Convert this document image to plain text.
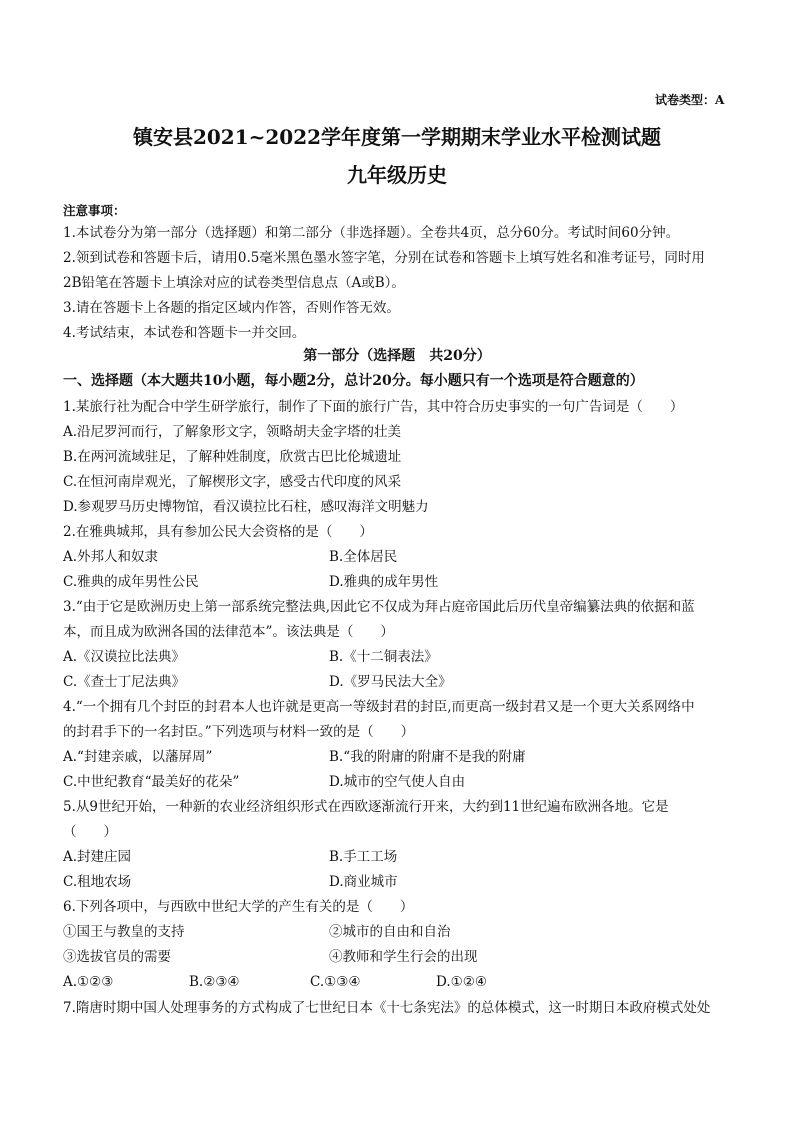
试卷类型：A
镇安县2021~2022学年度第一学期期末学业水平检测试题
九年级历史
注意事项：
1.本试卷分为第一部分（选择题）和第二部分（非选择题）。全卷共4页，总分60分。考试时间60分钟。
2.领到试卷和答题卡后，请用0.5毫米黑色墨水签字笔，分别在试卷和答题卡上填写姓名和准考证号，同时用
2B铅笔在答题卡上填涂对应的试卷类型信息点（A或B）。
3.请在答题卡上各题的指定区域内作答，否则作答无效。
4.考试结束，本试卷和答题卡一并交回。
第一部分（选择题　共20分）
一、选择题（本大题共10小题，每小题2分，总计20分。每小题只有一个选项是符合题意的）
1.某旅行社为配合中学生研学旅行，制作了下面的旅行广告，其中符合历史事实的一句广告词是（　　）
A.沿尼罗河而行，了解象形文字，领略胡夫金字塔的壮美
B.在两河流域驻足，了解种姓制度，欣赏古巴比伦城遗址
C.在恒河南岸观光，了解楔形文字，感受古代印度的风采
D.参观罗马历史博物馆，看汉谟拉比石柱，感叹海洋文明魅力
2.在雅典城邦，具有参加公民大会资格的是（　　）
A.外邦人和奴隶	B.全体居民
C.雅典的成年男性公民	D.雅典的成年男性
3.“由于它是欧洲历史上第一部系统完整法典,因此它不仅成为拜占庭帝国此后历代皇帝编纂法典的依据和蓝
本，而且成为欧洲各国的法律范本”。该法典是（　　）
A.《汉谟拉比法典》	B.《十二铜表法》
C.《查士丁尼法典》	D.《罗马民法大全》
4.“一个拥有几个封臣的封君本人也许就是更高一等级封君的封臣,而更高一级封君又是一个更大关系网络中
的封君手下的一名封臣。”下列选项与材料一致的是（　　）
A.“封建亲戚，以藩屏周”	B.“我的附庸的附庸不是我的附庸
C.中世纪教育“最美好的花朵”	D.城市的空气使人自由
5.从9世纪开始，一种新的农业经济组织形式在西欧逐渐流行开来，大约到11世纪遍布欧洲各地。它是
（　　）
A.封建庄园	B.手工工场
C.租地农场	D.商业城市
6.下列各项中，与西欧中世纪大学的产生有关的是（　　）
①国王与教皇的支持	②城市的自由和自治
③选拔官员的需要	④教师和学生行会的出现
A.①②③	B.②③④	C.①③④	D.①②④
7.隋唐时期中国人处理事务的方式构成了七世纪日本《十七条宪法》的总体模式，这一时期日本政府模式处处
